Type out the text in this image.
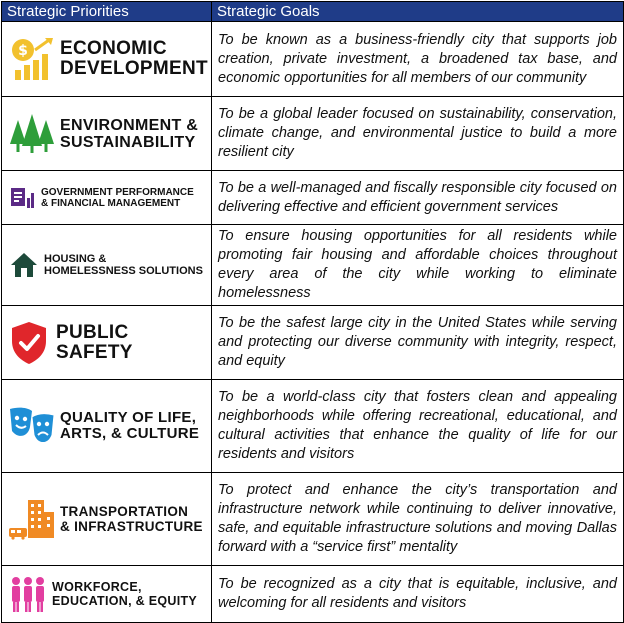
Strategic Priorities	Strategic Goals

$ ECONOMIC
DEVELOPMENT	To be known as a business-friendly city that supports job creation, private investment, a broadened tax base, and economic opportunities for all members of our community

ENVIRONMENT &
SUSTAINABILITY	To be a global leader focused on sustainability, conservation, climate change, and environmental justice to build a more resilient city

GOVERNMENT PERFORMANCE
& FINANCIAL MANAGEMENT	To be a well-managed and fiscally responsible city focused on delivering effective and efficient government services

HOUSING &
HOMELESSNESS SOLUTIONS	To ensure housing opportunities for all residents while promoting fair housing and affordable choices throughout every area of the city while working to eliminate homelessness

PUBLIC SAFETY	To be the safest large city in the United States while serving and protecting our diverse community with integrity, respect, and equity

QUALITY OF LIFE,
ARTS, & CULTURE	To be a world-class city that fosters clean and appealing neighborhoods while offering recreational, educational, and cultural activities that enhance the quality of life for our residents and visitors

TRANSPORTATION
& INFRASTRUCTURE	To protect and enhance the city’s transportation and infrastructure network while continuing to deliver innovative, safe, and equitable infrastructure solutions and moving Dallas forward with a “service first” mentality

WORKFORCE,
EDUCATION, & EQUITY	To be recognized as a city that is equitable, inclusive, and welcoming for all residents and visitors
